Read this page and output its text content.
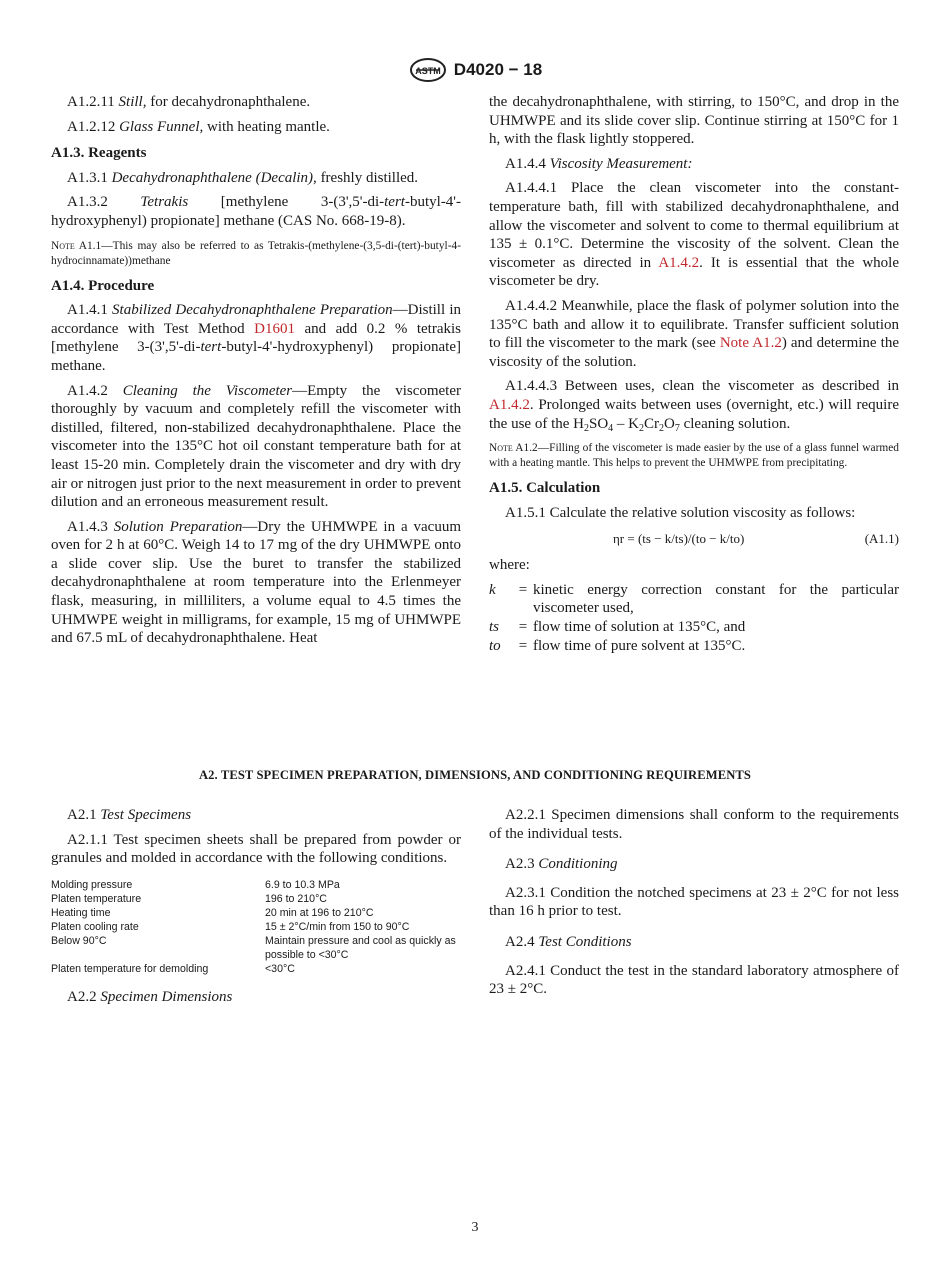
ASTM D4020 − 18

A1.2.11 Still, for decahydronaphthalene.

A1.2.12 Glass Funnel, with heating mantle.

A1.3. Reagents

A1.3.1 Decahydronaphthalene (Decalin), freshly distilled.

A1.3.2 Tetrakis [methylene 3-(3',5'-di-tert-butyl-4'-hydroxyphenyl) propionate] methane (CAS No. 668-19-8).

Note A1.1—This may also be referred to as Tetrakis-(methylene-(3,5-di-(tert)-butyl-4-hydrocinnamate))methane

A1.4. Procedure

A1.4.1 Stabilized Decahydronaphthalene Preparation—Distill in accordance with Test Method D1601 and add 0.2 % tetrakis [methylene 3-(3',5'-di-tert-butyl-4'-hydroxyphenyl) propionate] methane.

A1.4.2 Cleaning the Viscometer—Empty the viscometer thoroughly by vacuum and completely refill the viscometer with distilled, filtered, non-stabilized decahydronaphthalene. Place the viscometer into the 135°C hot oil constant temperature bath for at least 15-20 min. Completely drain the viscometer and dry with dry air or nitrogen just prior to the next measurement in order to prevent dilution and an erroneous measurement result.

A1.4.3 Solution Preparation—Dry the UHMWPE in a vacuum oven for 2 h at 60°C. Weigh 14 to 17 mg of the dry UHMWPE onto a slide cover slip. Use the buret to transfer the stabilized decahydronaphthalene at room temperature into the Erlenmeyer flask, measuring, in milliliters, a volume equal to 4.5 times the UHMWPE weight in milligrams, for example, 15 mg of UHMWPE and 67.5 mL of decahydronaphthalene. Heat

the decahydronaphthalene, with stirring, to 150°C, and drop in the UHMWPE and its slide cover slip. Continue stirring at 150°C for 1 h, with the flask lightly stoppered.

A1.4.4 Viscosity Measurement:

A1.4.4.1 Place the clean viscometer into the constant-temperature bath, fill with stabilized decahydronaphthalene, and allow the viscometer and solvent to come to thermal equilibrium at 135 ± 0.1°C. Determine the viscosity of the solvent. Clean the viscometer as directed in A1.4.2. It is essential that the whole viscometer be dry.

A1.4.4.2 Meanwhile, place the flask of polymer solution into the 135°C bath and allow it to equilibrate. Transfer sufficient solution to fill the viscometer to the mark (see Note A1.2) and determine the viscosity of the solution.

A1.4.4.3 Between uses, clean the viscometer as described in A1.4.2. Prolonged waits between uses (overnight, etc.) will require the use of the $H_2SO_4 - K_2Cr_2O_7$ cleaning solution.

Note A1.2—Filling of the viscometer is made easier by the use of a glass funnel warmed with a heating mantle. This helps to prevent the UHMWPE from precipitating.

A1.5. Calculation

A1.5.1 Calculate the relative solution viscosity as follows:

ηr = (ts − k/ts)/(to − k/to)	(A1.1)

where:

k	= kinetic energy correction constant for the particular viscometer used,
ts	= flow time of solution at 135°C, and
to	= flow time of pure solvent at 135°C.
A2. TEST SPECIMEN PREPARATION, DIMENSIONS, AND CONDITIONING REQUIREMENTS

A2.1 Test Specimens

A2.1.1 Test specimen sheets shall be prepared from powder or granules and molded in accordance with the following conditions.

Molding pressure	6.9 to 10.3 MPa
Platen temperature	196 to 210°C
Heating time	20 min at 196 to 210°C
Platen cooling rate	15 ± 2°C/min from 150 to 90°C
Below 90°C	Maintain pressure and cool as quickly as possible to <30°C
Platen temperature for demolding	<30°C

A2.2 Specimen Dimensions

A2.2.1 Specimen dimensions shall conform to the requirements of the individual tests.

A2.3 Conditioning

A2.3.1 Condition the notched specimens at 23 ± 2°C for not less than 16 h prior to test.

A2.4 Test Conditions

A2.4.1 Conduct the test in the standard laboratory atmosphere of 23 ± 2°C.

3
